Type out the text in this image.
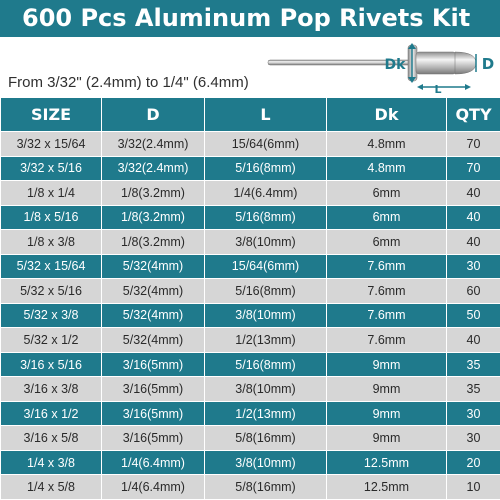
600 Pcs Aluminum Pop Rivets Kit
Dk	D
L
From 3/32" (2.4mm) to 1/4" (6.4mm)
SIZE	D	L	Dk	QTY
3/32 x 15/64	3/32(2.4mm)	15/64(6mm)	4.8mm	70
3/32 x 5/16	3/32(2.4mm)	5/16(8mm)	4.8mm	70
1/8 x 1/4	1/8(3.2mm)	1/4(6.4mm)	6mm	40
1/8 x 5/16	1/8(3.2mm)	5/16(8mm)	6mm	40
1/8 x 3/8	1/8(3.2mm)	3/8(10mm)	6mm	40
5/32 x 15/64	5/32(4mm)	15/64(6mm)	7.6mm	30
5/32 x 5/16	5/32(4mm)	5/16(8mm)	7.6mm	60
5/32 x 3/8	5/32(4mm)	3/8(10mm)	7.6mm	50
5/32 x 1/2	5/32(4mm)	1/2(13mm)	7.6mm	40
3/16 x 5/16	3/16(5mm)	5/16(8mm)	9mm	35
3/16 x 3/8	3/16(5mm)	3/8(10mm)	9mm	35
3/16 x 1/2	3/16(5mm)	1/2(13mm)	9mm	30
3/16 x 5/8	3/16(5mm)	5/8(16mm)	9mm	30
1/4 x 3/8	1/4(6.4mm)	3/8(10mm)	12.5mm	20
1/4 x 5/8	1/4(6.4mm)	5/8(16mm)	12.5mm	10
